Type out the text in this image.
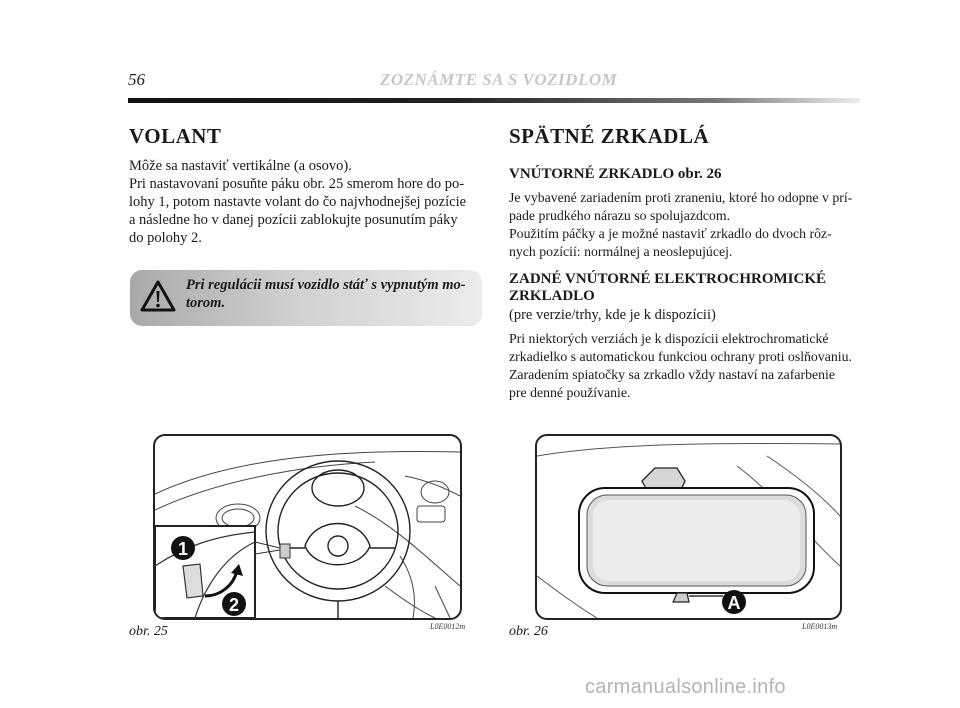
56	ZOZNÁMTE SA S VOZIDLOM
VOLANT
Môže sa nastaviť vertikálne (a osovo).
Pri nastavovaní posuňte páku obr. 25 smerom hore do po-
lohy 1, potom nastavte volant do čo najvhodnejšej pozície
a následne ho v danej pozícii zablokujte posunutím páky
do polohy 2.
Pri regulácii musí vozidlo stáť s vypnutým mo-
torom.
SPÄTNÉ ZRKADLÁ
VNÚTORNÉ ZRKADLO obr. 26
Je vybavené zariadením proti zraneniu, ktoré ho odopne v prí-
pade prudkého nárazu so spolujazdcom.
Použitím páčky a je možné nastaviť zrkadlo do dvoch rôz-
nych pozícií: normálnej a neoslepujúcej.
ZADNÉ VNÚTORNÉ ELEKTROCHROMICKÉ
ZRKLADLO
(pre verzie/trhy, kde je k dispozícii)
Pri niektorých verziách je k dispozícii elektrochromatické
zrkadielko s automatickou funkciou ochrany proti oslňovaniu.
Zaradením spiatočky sa zrkadlo vždy nastaví na zafarbenie
pre denné používanie.
1
2
obr. 25	L0E0012m
A
obr. 26	L0E0013m
carmanualsonline.info
